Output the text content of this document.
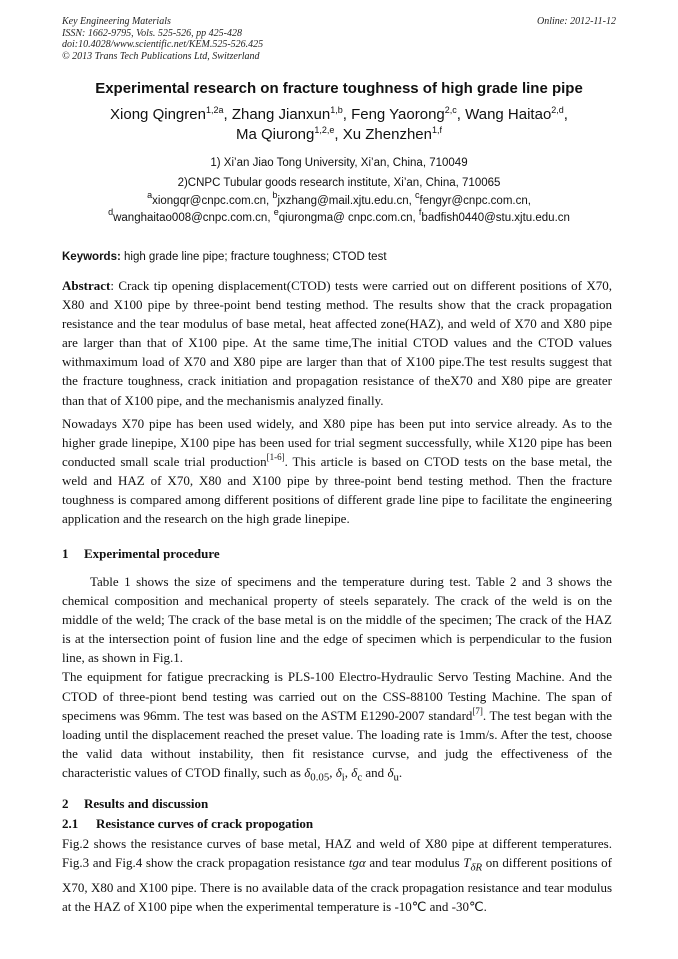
Key Engineering Materials
ISSN: 1662-9795, Vols. 525-526, pp 425-428
doi:10.4028/www.scientific.net/KEM.525-526.425
© 2013 Trans Tech Publications Ltd, Switzerland
Online: 2012-11-12
Experimental research on fracture toughness of high grade line pipe
Xiong Qingren$^{1,2a}$, Zhang Jianxun$^{1,b}$, Feng Yaorong$^{2,c}$, Wang Haitao$^{2,d}$,
Ma Qiurong$^{1,2,e}$, Xu Zhenzhen$^{1,f}$
1) Xi’an Jiao Tong University, Xi’an, China, 710049
2)CNPC Tubular goods research institute, Xi’an, China, 710065
$^a$xiongqr@cnpc.com.cn, $^b$jxzhang@mail.xjtu.edu.cn, $^c$fengyr@cnpc.com.cn,
$^d$wanghaitao008@cnpc.com.cn, $^e$qiurongma@ cnpc.com.cn, $^f$badfish0440@stu.xjtu.edu.cn
Keywords: high grade line pipe; fracture toughness; CTOD test

Abstract: Crack tip opening displacement(CTOD) tests were carried out on different positions of X70, X80 and X100 pipe by three-point bend testing method. The results show that the crack propagation resistance and the tear modulus of base metal, heat affected zone(HAZ), and weld of X70 and X80 pipe are larger than that of X100 pipe. At the same time,The initial CTOD values and the CTOD values withmaximum load of X70 and X80 pipe are larger than that of X100 pipe.The test results suggest that the fracture toughness, crack initiation and propagation resistance of theX70 and X80 pipe are greater than that of X100 pipe, and the mechanismis analyzed finally.

Nowadays X70 pipe has been used widely, and X80 pipe has been put into service already. As to the higher grade linepipe, X100 pipe has been used for trial segment successfully, while X120 pipe has been conducted small scale trial production[1-6]. This article is based on CTOD tests on the base metal, the weld and HAZ of X70, X80 and X100 pipe by three-point bend testing method. Then the fracture toughness is compared among different positions of different grade line pipe to facilitate the engineering application and the research on the high grade linepipe.

1 Experimental procedure

Table 1 shows the size of specimens and the temperature during test. Table 2 and 3 shows the chemical composition and mechanical property of steels separately. The crack of the weld is on the middle of the weld; The crack of the base metal is on the middle of the specimen; The crack of the HAZ is at the intersection point of fusion line and the edge of specimen which is perpendicular to the fusion line, as shown in Fig.1.

The equipment for fatigue precracking is PLS-100 Electro-Hydraulic Servo Testing Machine. And the CTOD of three-piont bend testing was carried out on the CSS-88100 Testing Machine. The span of specimens was 96mm. The test was based on the ASTM E1290-2007 standard[7]. The test began with the loading until the displacement reached the preset value. The loading rate is 1mm/s. After the test, choose the valid data without instability, then fit resistance curvse, and judg the effectiveness of the characteristic values of CTOD finally, such as $\delta_{0.05}$, $\delta_i$, $\delta_c$ and $\delta_u$.

2 Results and discussion
2.1 Resistance curves of crack propogation

Fig.2 shows the resistance curves of base metal, HAZ and weld of X80 pipe at different temperatures. Fig.3 and Fig.4 show the crack propagation resistance tgα and tear modulus $T_{\delta R}$ on different positions of X70, X80 and X100 pipe. There is no available data of the crack propagation resistance and tear modulus at the HAZ of X100 pipe when the experimental temperature is -10℃ and -30℃.
